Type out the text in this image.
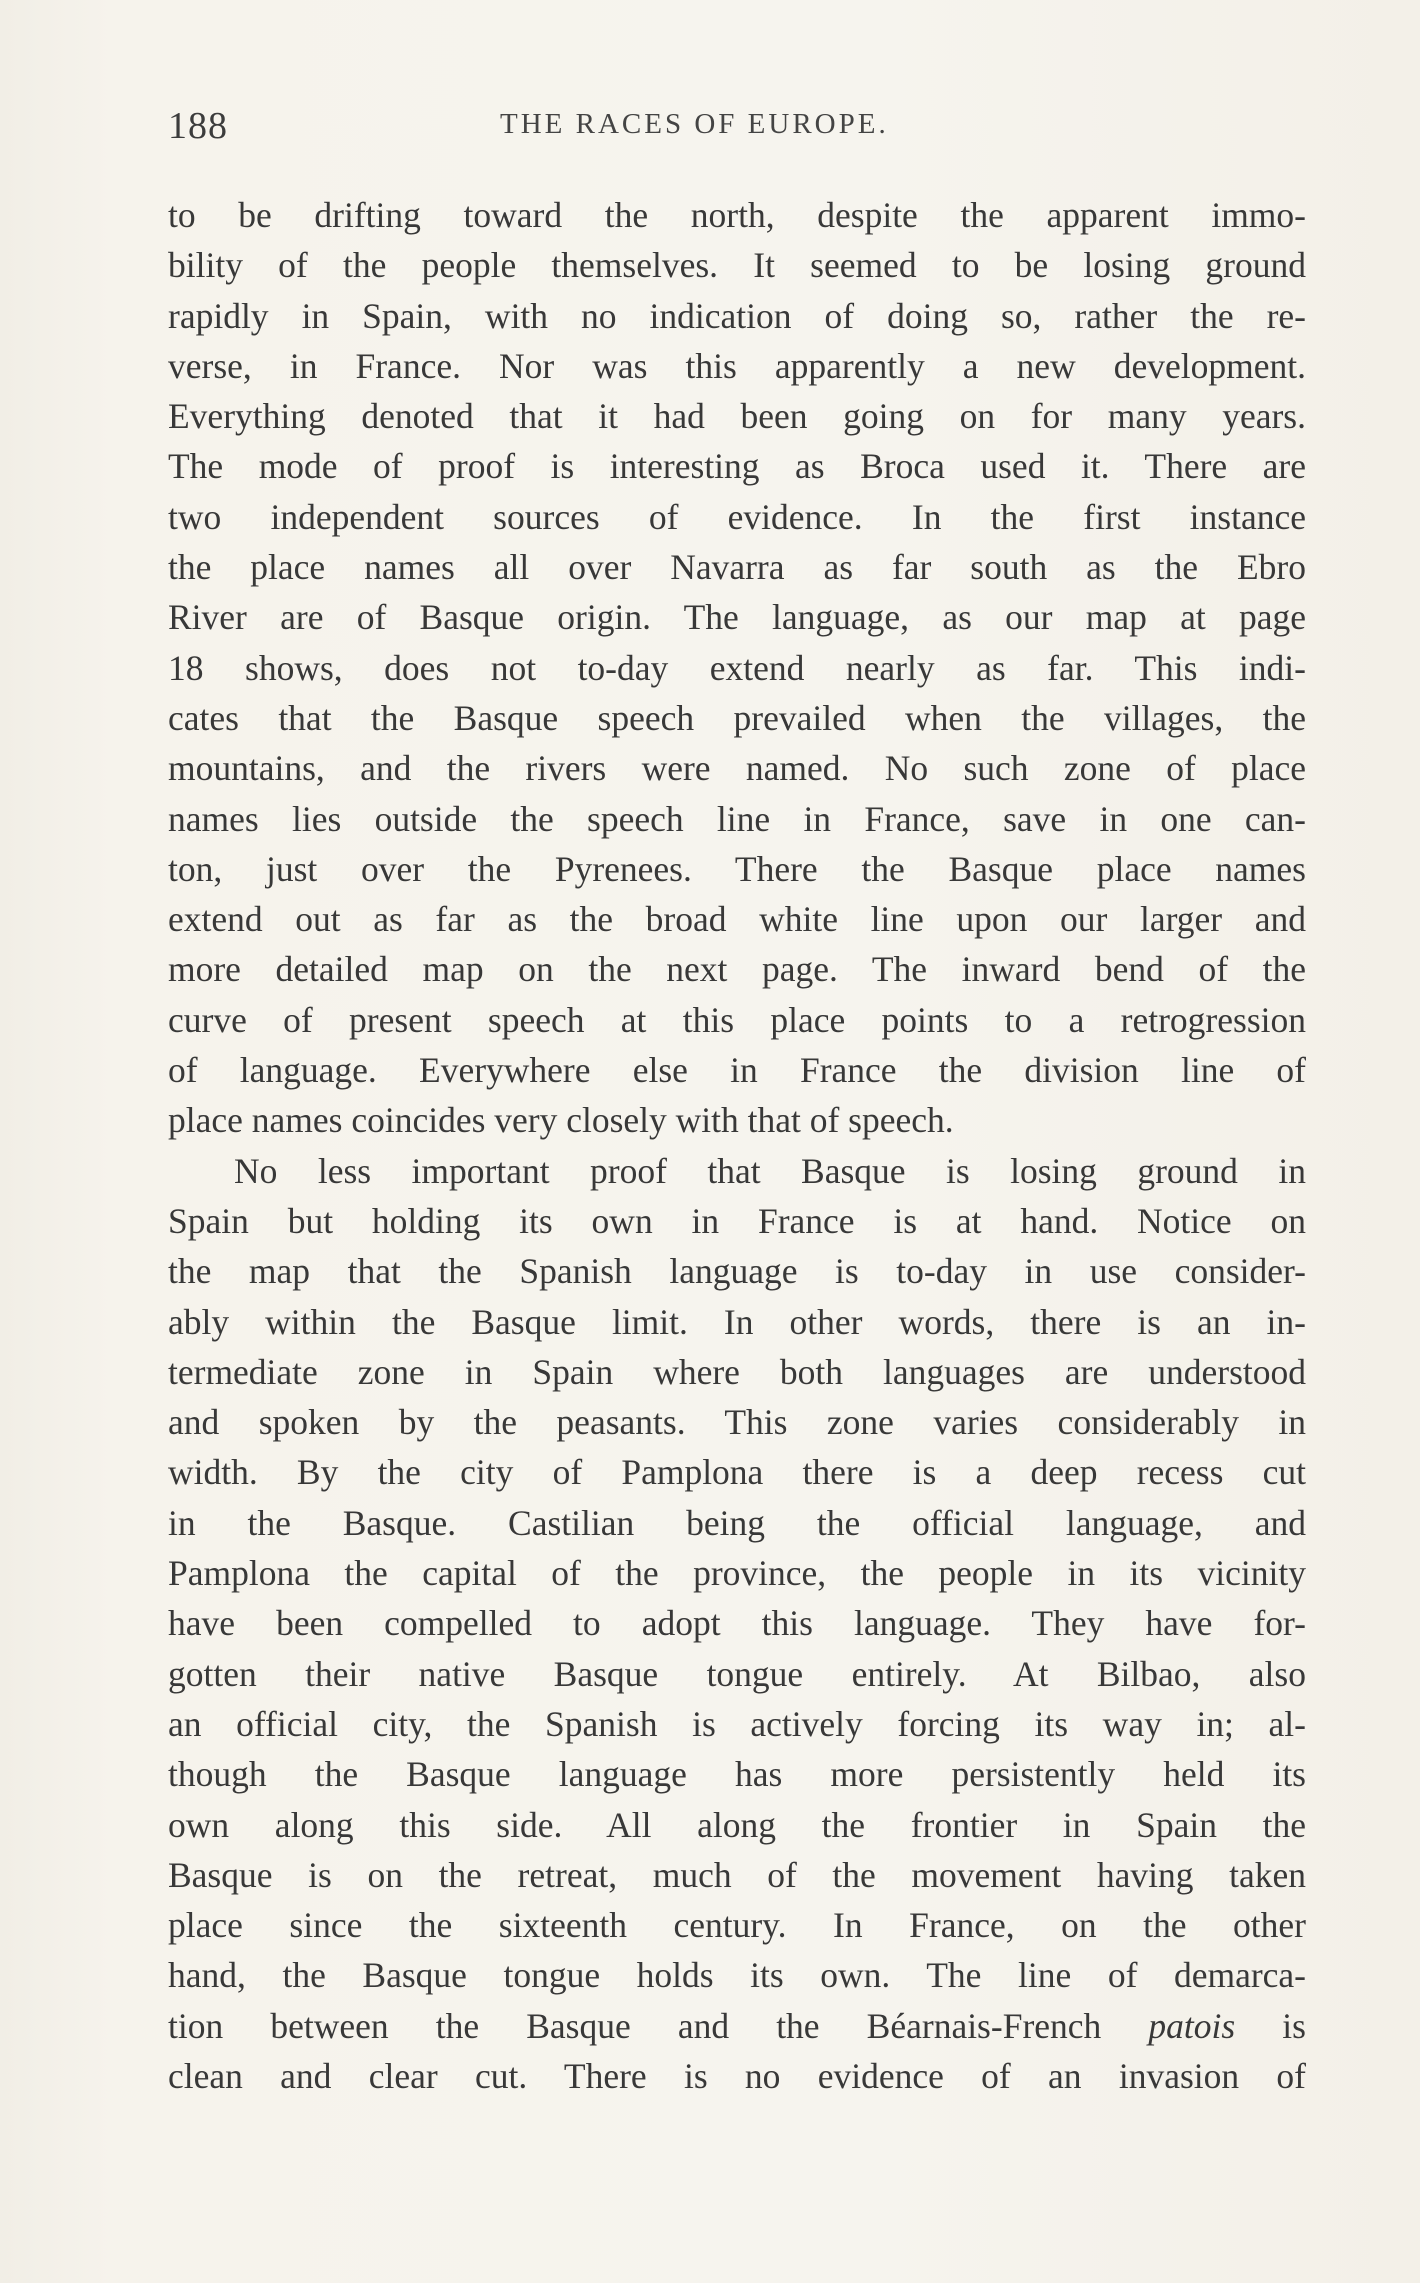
188	THE RACES OF EUROPE.
to be drifting toward the north, despite the apparent immo-
bility of the people themselves. It seemed to be losing ground
rapidly in Spain, with no indication of doing so, rather the re-
verse, in France. Nor was this apparently a new development.
Everything denoted that it had been going on for many years.
The mode of proof is interesting as Broca used it. There are
two independent sources of evidence. In the first instance
the place names all over Navarra as far south as the Ebro
River are of Basque origin. The language, as our map at page
18 shows, does not to-day extend nearly as far. This indi-
cates that the Basque speech prevailed when the villages, the
mountains, and the rivers were named. No such zone of place
names lies outside the speech line in France, save in one can-
ton, just over the Pyrenees. There the Basque place names
extend out as far as the broad white line upon our larger and
more detailed map on the next page. The inward bend of the
curve of present speech at this place points to a retrogression
of language. Everywhere else in France the division line of
place names coincides very closely with that of speech.
No less important proof that Basque is losing ground in
Spain but holding its own in France is at hand. Notice on
the map that the Spanish language is to-day in use consider-
ably within the Basque limit. In other words, there is an in-
termediate zone in Spain where both languages are understood
and spoken by the peasants. This zone varies considerably in
width. By the city of Pamplona there is a deep recess cut
in the Basque. Castilian being the official language, and
Pamplona the capital of the province, the people in its vicinity
have been compelled to adopt this language. They have for-
gotten their native Basque tongue entirely. At Bilbao, also
an official city, the Spanish is actively forcing its way in; al-
though the Basque language has more persistently held its
own along this side. All along the frontier in Spain the
Basque is on the retreat, much of the movement having taken
place since the sixteenth century. In France, on the other
hand, the Basque tongue holds its own. The line of demarca-
tion between the Basque and the Béarnais-French patois is
clean and clear cut. There is no evidence of an invasion of
